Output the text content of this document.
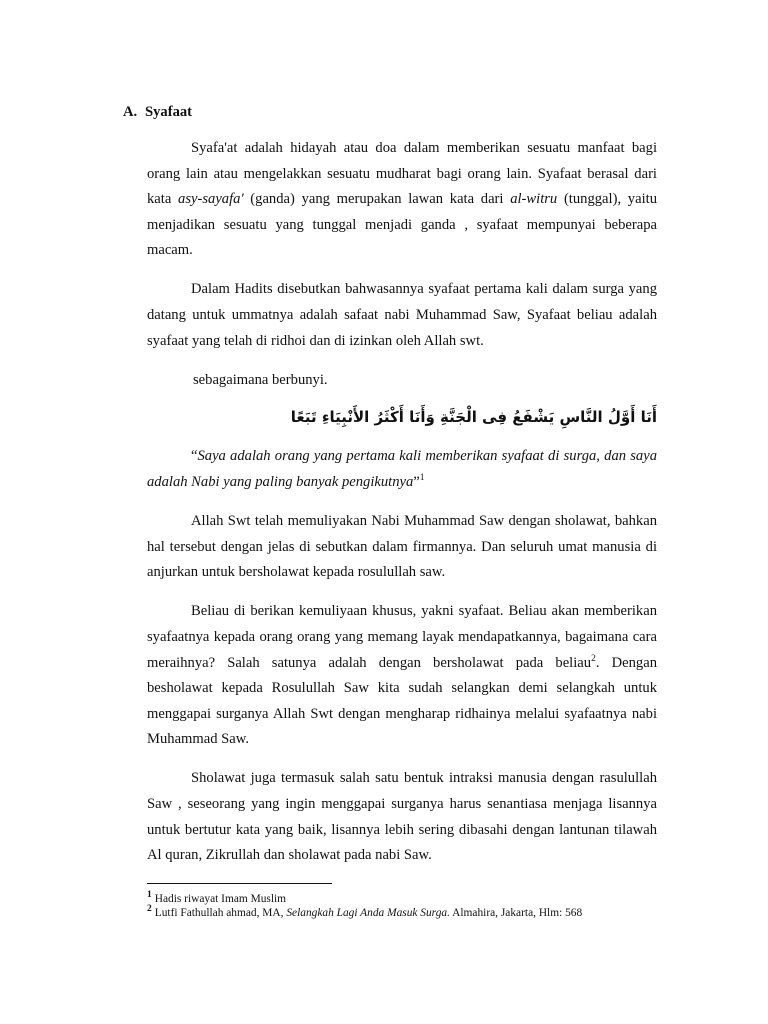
A. Syafaat

Syafa'at adalah hidayah atau doa dalam memberikan sesuatu manfaat bagi orang lain atau mengelakkan sesuatu mudharat bagi orang lain. Syafaat berasal dari kata asy-sayafa' (ganda) yang merupakan lawan kata dari al-witru (tunggal), yaitu menjadikan sesuatu yang tunggal menjadi ganda , syafaat mempunyai beberapa macam.

Dalam Hadits disebutkan bahwasannya syafaat pertama kali dalam surga yang datang untuk ummatnya adalah safaat nabi Muhammad Saw, Syafaat beliau adalah syafaat yang telah di ridhoi dan di izinkan oleh Allah swt.

sebagaimana berbunyi.

أَنَا أَوَّلُ النَّاسِ يَشْفَعُ فِى الْجَنَّةِ وَأَنَا أَكْثَرُ الأَنْبِيَاءِ تَبَعًا

“Saya adalah orang yang pertama kali memberikan syafaat di surga, dan saya adalah Nabi yang paling banyak pengikutnya”$^1$

Allah Swt telah memuliyakan Nabi Muhammad Saw dengan sholawat, bahkan hal tersebut dengan jelas di sebutkan dalam firmannya. Dan seluruh umat manusia di anjurkan untuk bersholawat kepada rosulullah saw.

Beliau di berikan kemuliyaan khusus, yakni syafaat. Beliau akan memberikan syafaatnya kepada orang orang yang memang layak mendapatkannya, bagaimana cara meraihnya? Salah satunya adalah dengan bersholawat pada beliau$^2$. Dengan besholawat kepada Rosulullah Saw kita sudah selangkan demi selangkah untuk menggapai surganya Allah Swt dengan mengharap ridhainya melalui syafaatnya nabi Muhammad Saw.

Sholawat juga termasuk salah satu bentuk intraksi manusia dengan rasulullah Saw , seseorang yang ingin menggapai surganya harus senantiasa menjaga lisannya untuk bertutur kata yang baik, lisannya lebih sering dibasahi dengan lantunan tilawah Al quran, Zikrullah dan sholawat pada nabi Saw.

$^1$ Hadis riwayat Imam Muslim
$^2$ Lutfi Fathullah ahmad, MA, Selangkah Lagi Anda Masuk Surga. Almahira, Jakarta, Hlm: 568
